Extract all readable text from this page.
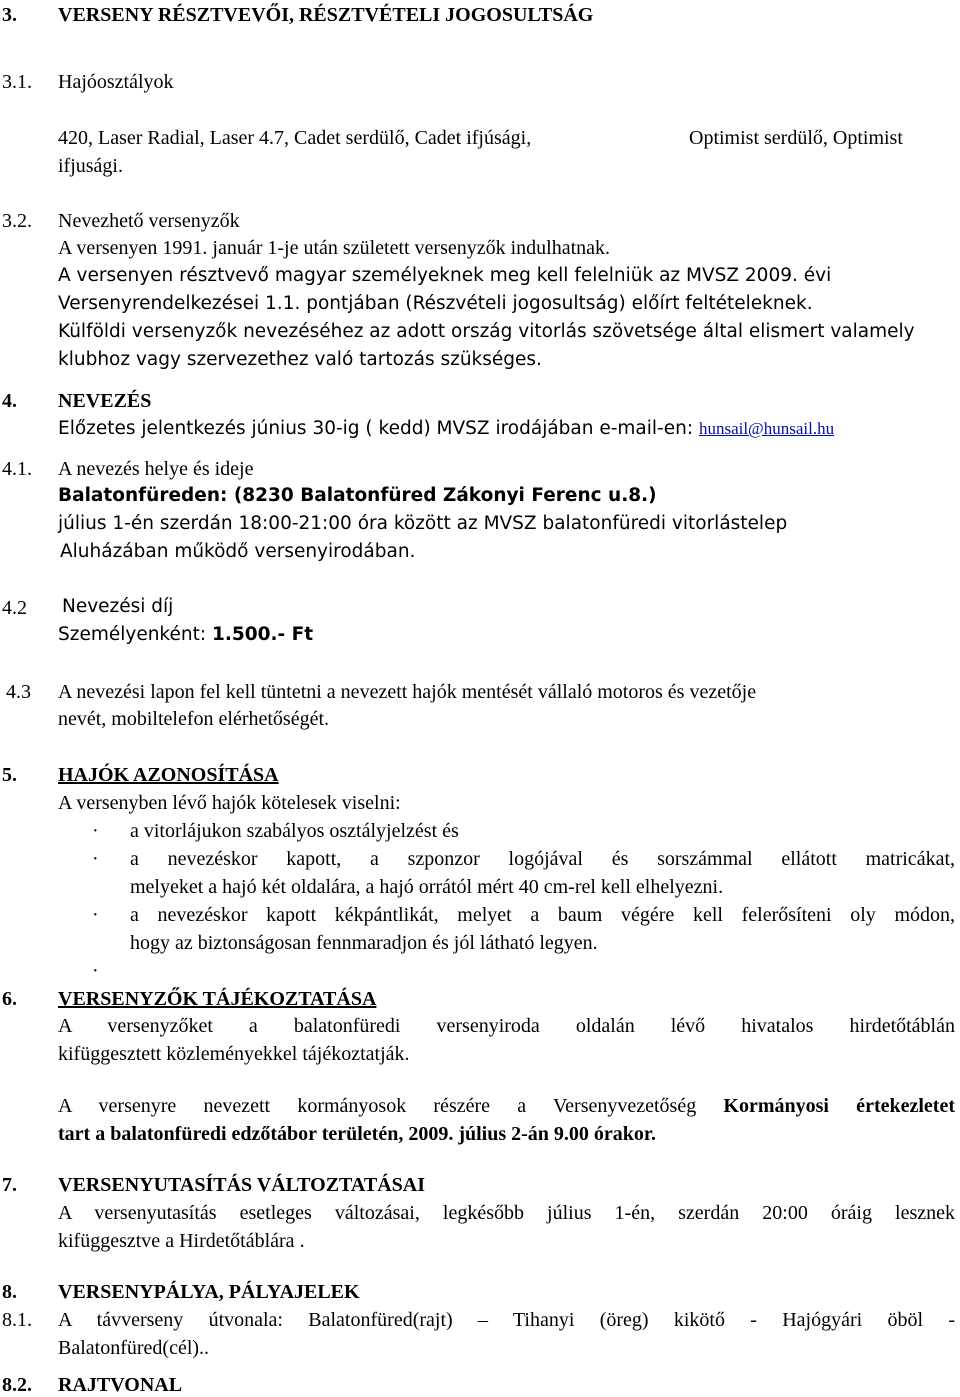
3. VERSENY RÉSZTVEVŐI, RÉSZTVÉTELI JOGOSULTSÁG
3.1. Hajóosztályok
420, Laser Radial, Laser 4.7, Cadet serdülő, Cadet ifjúsági,	Optimist serdülő, Optimist
ifjusági.
3.2. Nevezhető versenyzők
A versenyen 1991. január 1-je után született versenyzők indulhatnak.
A versenyen résztvevő magyar személyeknek meg kell felelniük az MVSZ 2009. évi
Versenyrendelkezései 1.1. pontjában (Részvételi jogosultság) előírt feltételeknek.
Külföldi versenyzők nevezéséhez az adott ország vitorlás szövetsége által elismert valamely
klubhoz vagy szervezethez való tartozás szükséges.
4. NEVEZÉS
Előzetes jelentkezés június 30-ig ( kedd) MVSZ irodájában e-mail-en: hunsail@hunsail.hu
4.1. A nevezés helye és ideje
Balatonfüreden: (8230 Balatonfüred Zákonyi Ferenc u.8.)
július 1-én szerdán 18:00-21:00 óra között az MVSZ balatonfüredi vitorlástelep
Aluházában működő versenyirodában.
4.2 Nevezési díj
Személyenként: 1.500.- Ft
4.3 A nevezési lapon fel kell tüntetni a nevezett hajók mentését vállaló motoros és vezetője
nevét, mobiltelefon elérhetőségét.
5. HAJÓK AZONOSÍTÁSA
A versenyben lévő hajók kötelesek viselni:
· a vitorlájukon szabályos osztályjelzést és
· a nevezéskor kapott, a szponzor logójával és sorszámmal ellátott matricákat,
melyeket a hajó két oldalára, a hajó orrától mért 40 cm-rel kell elhelyezni.
· a nevezéskor kapott kékpántlikát, melyet a baum végére kell felerősíteni oly módon,
hogy az biztonságosan fennmaradjon és jól látható legyen.
·
6. VERSENYZŐK TÁJÉKOZTATÁSA
A versenyzőket a balatonfüredi versenyiroda oldalán lévő hivatalos hirdetőtáblán
kifüggesztett közleményekkel tájékoztatják.
A versenyre nevezett kormányosok részére a Versenyvezetőség Kormányosi értekezletet
tart a balatonfüredi edzőtábor területén, 2009. július 2-án 9.00 órakor.
7. VERSENYUTASÍTÁS VÁLTOZTATÁSAI
A versenyutasítás esetleges változásai, legkésőbb július 1-én, szerdán 20:00 óráig lesznek
kifüggesztve a Hirdetőtáblára .
8. VERSENYPÁLYA, PÁLYAJELEK
8.1. A távverseny útvonala: Balatonfüred(rajt) – Tihanyi (öreg) kikötő - Hajógyári öböl -
Balatonfüred(cél)..
8.2. RAJTVONAL
